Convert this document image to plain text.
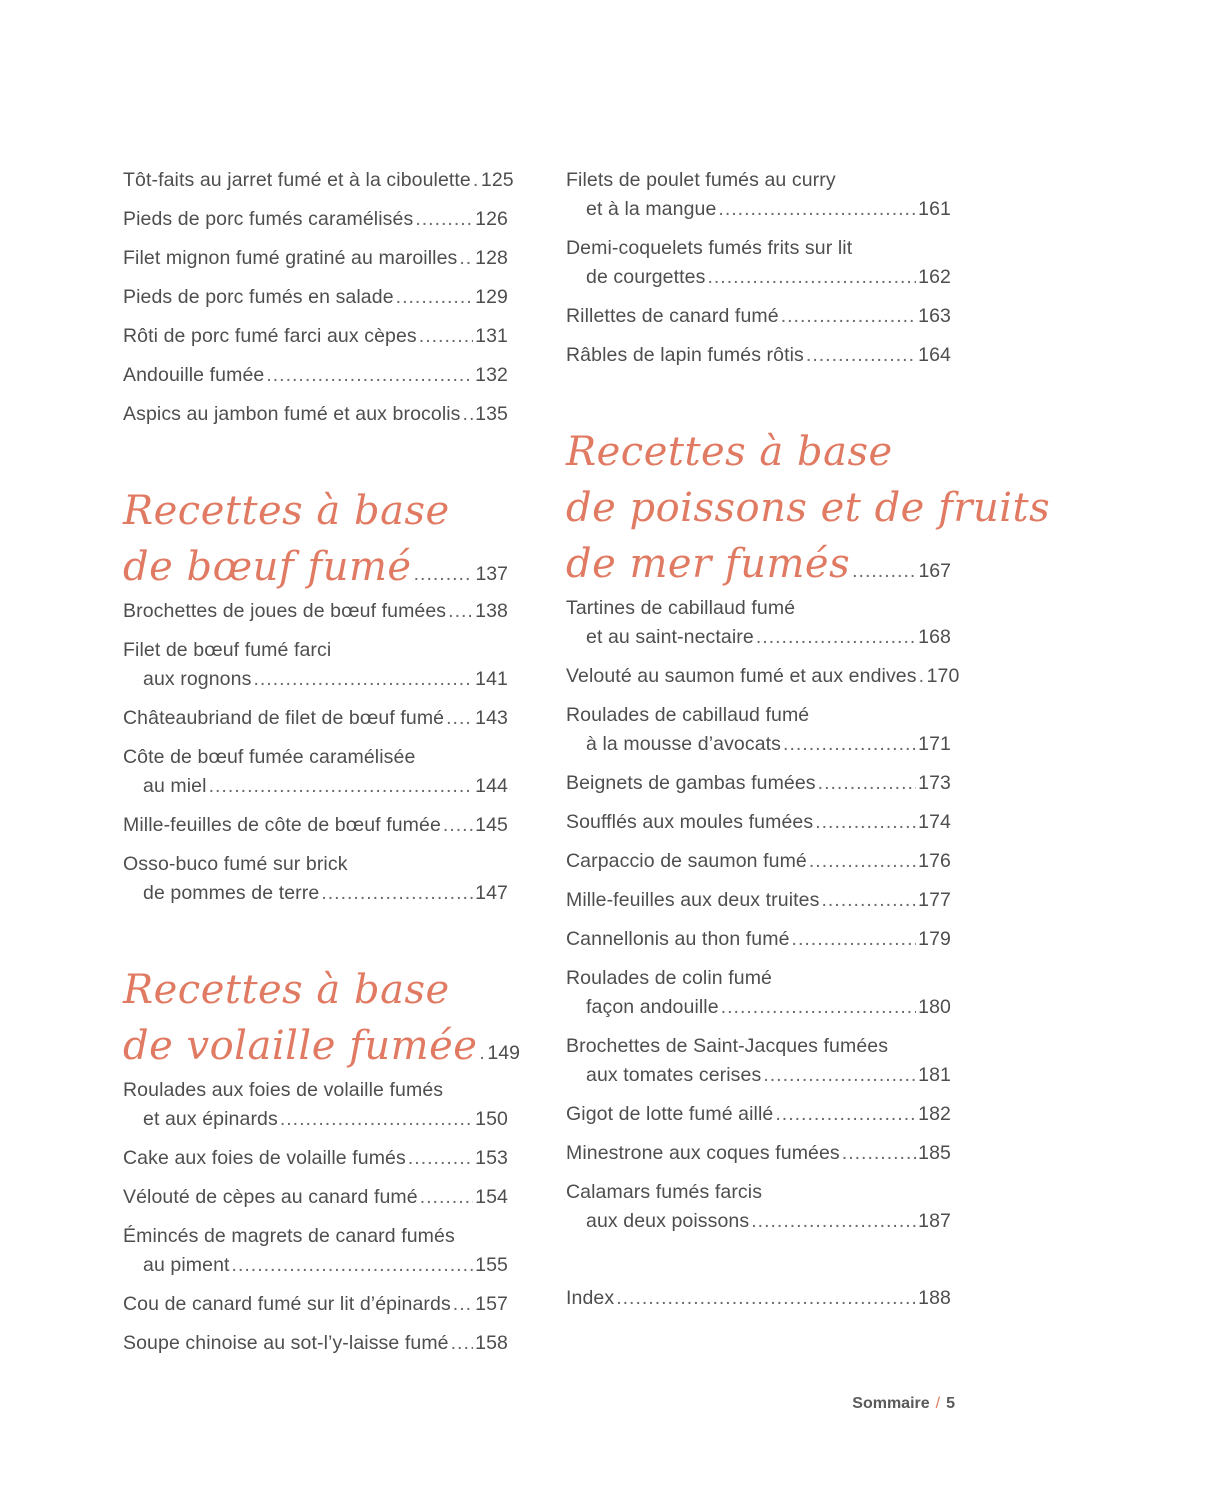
Tôt-faits au jarret fumé et à la ciboulette ..... 125
Pieds de porc fumés caramélisés .....	126
Filet mignon fumé gratiné au maroilles ..... 128
Pieds de porc fumés en salade .....	129
Rôti de porc fumé farci aux cèpes .....	131
Andouille fumée .....	132
Aspics au jambon fumé et aux brocolis ..... 135
Recettes à base
de bœuf fumé .....	137
Brochettes de joues de bœuf fumées ..... 138
Filet de bœuf fumé farci
aux rognons .....	141
Châteaubriand de filet de bœuf fumé ..... 143
Côte de bœuf fumée caramélisée
au miel .....	144
Mille-feuilles de côte de bœuf fumée ..... 145
Osso-buco fumé sur brick
de pommes de terre .....	147
Recettes à base
de volaille fumée ..... 149
Roulades aux foies de volaille fumés
et aux épinards .....	150
Cake aux foies de volaille fumés .....	153
Vélouté de cèpes au canard fumé .....	154
Émincés de magrets de canard fumés
au piment .....	155
Cou de canard fumé sur lit d’épinards ..... 157
Soupe chinoise au sot-l’y-laisse fumé ..... 158
Filets de poulet fumés au curry
et à la mangue .....	161
Demi-coquelets fumés frits sur lit
de courgettes .....	162
Rillettes de canard fumé .....	163
Râbles de lapin fumés rôtis .....	164
Recettes à base
de poissons et de fruits
de mer fumés .....	167
Tartines de cabillaud fumé
et au saint-nectaire .....	168
Velouté au saumon fumé et aux endives ..... 170
Roulades de cabillaud fumé
à la mousse d’avocats .....	171
Beignets de gambas fumées .....	173
Soufflés aux moules fumées .....	174
Carpaccio de saumon fumé .....	176
Mille-feuilles aux deux truites .....	177
Cannellonis au thon fumé .....	179
Roulades de colin fumé
façon andouille .....	180
Brochettes de Saint-Jacques fumées
aux tomates cerises .....	181
Gigot de lotte fumé aillé .....	182
Minestrone aux coques fumées .....	185
Calamars fumés farcis
aux deux poissons .....	187
Index .....	188
Sommaire / 5
